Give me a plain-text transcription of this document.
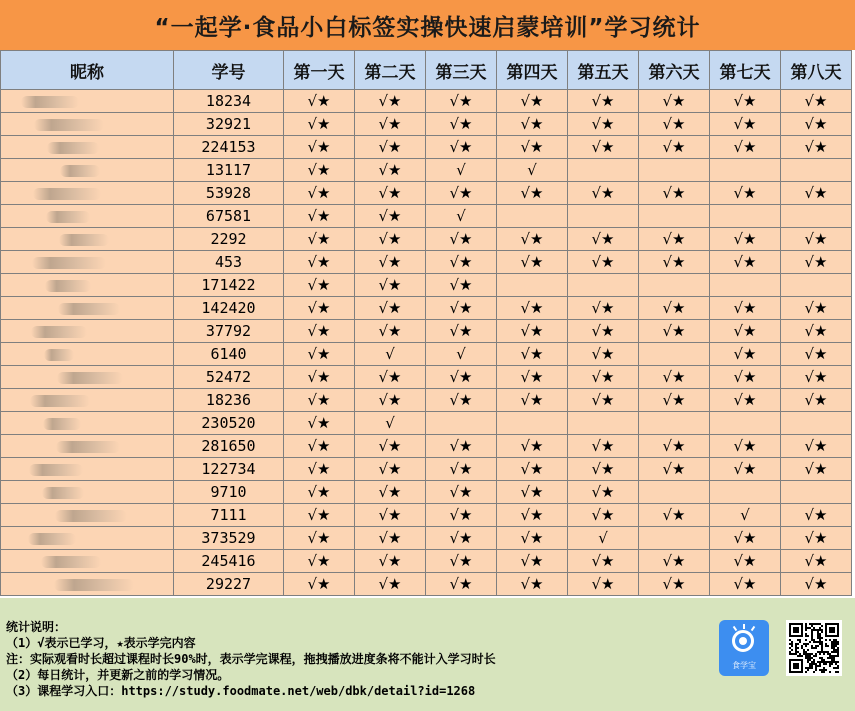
“一起学·食品小白标签实操快速启蒙培训”学习统计
昵称	学号	第一天	第二天	第三天	第四天	第五天	第六天	第七天	第八天
	18234	√★	√★	√★	√★	√★	√★	√★	√★
	32921	√★	√★	√★	√★	√★	√★	√★	√★
	224153	√★	√★	√★	√★	√★	√★	√★	√★
	13117	√★	√★	√	√				
	53928	√★	√★	√★	√★	√★	√★	√★	√★
	67581	√★	√★	√					
	2292	√★	√★	√★	√★	√★	√★	√★	√★
	453	√★	√★	√★	√★	√★	√★	√★	√★
	171422	√★	√★	√★					
	142420	√★	√★	√★	√★	√★	√★	√★	√★
	37792	√★	√★	√★	√★	√★	√★	√★	√★
	6140	√★	√	√	√★	√★		√★	√★
	52472	√★	√★	√★	√★	√★	√★	√★	√★
	18236	√★	√★	√★	√★	√★	√★	√★	√★
	230520	√★	√						
	281650	√★	√★	√★	√★	√★	√★	√★	√★
	122734	√★	√★	√★	√★	√★	√★	√★	√★
	9710	√★	√★	√★	√★	√★			
	7111	√★	√★	√★	√★	√★	√★	√	√★
	373529	√★	√★	√★	√★	√		√★	√★
	245416	√★	√★	√★	√★	√★	√★	√★	√★
	29227	√★	√★	√★	√★	√★	√★	√★	√★
统计说明：
（1）√表示已学习，★表示学完内容
注：实际观看时长超过课程时长90%时，表示学完课程，拖拽播放进度条将不能计入学习时长
（2）每日统计，并更新之前的学习情况。
（3）课程学习入口：https://study.foodmate.net/web/dbk/detail?id=1268
食学宝
